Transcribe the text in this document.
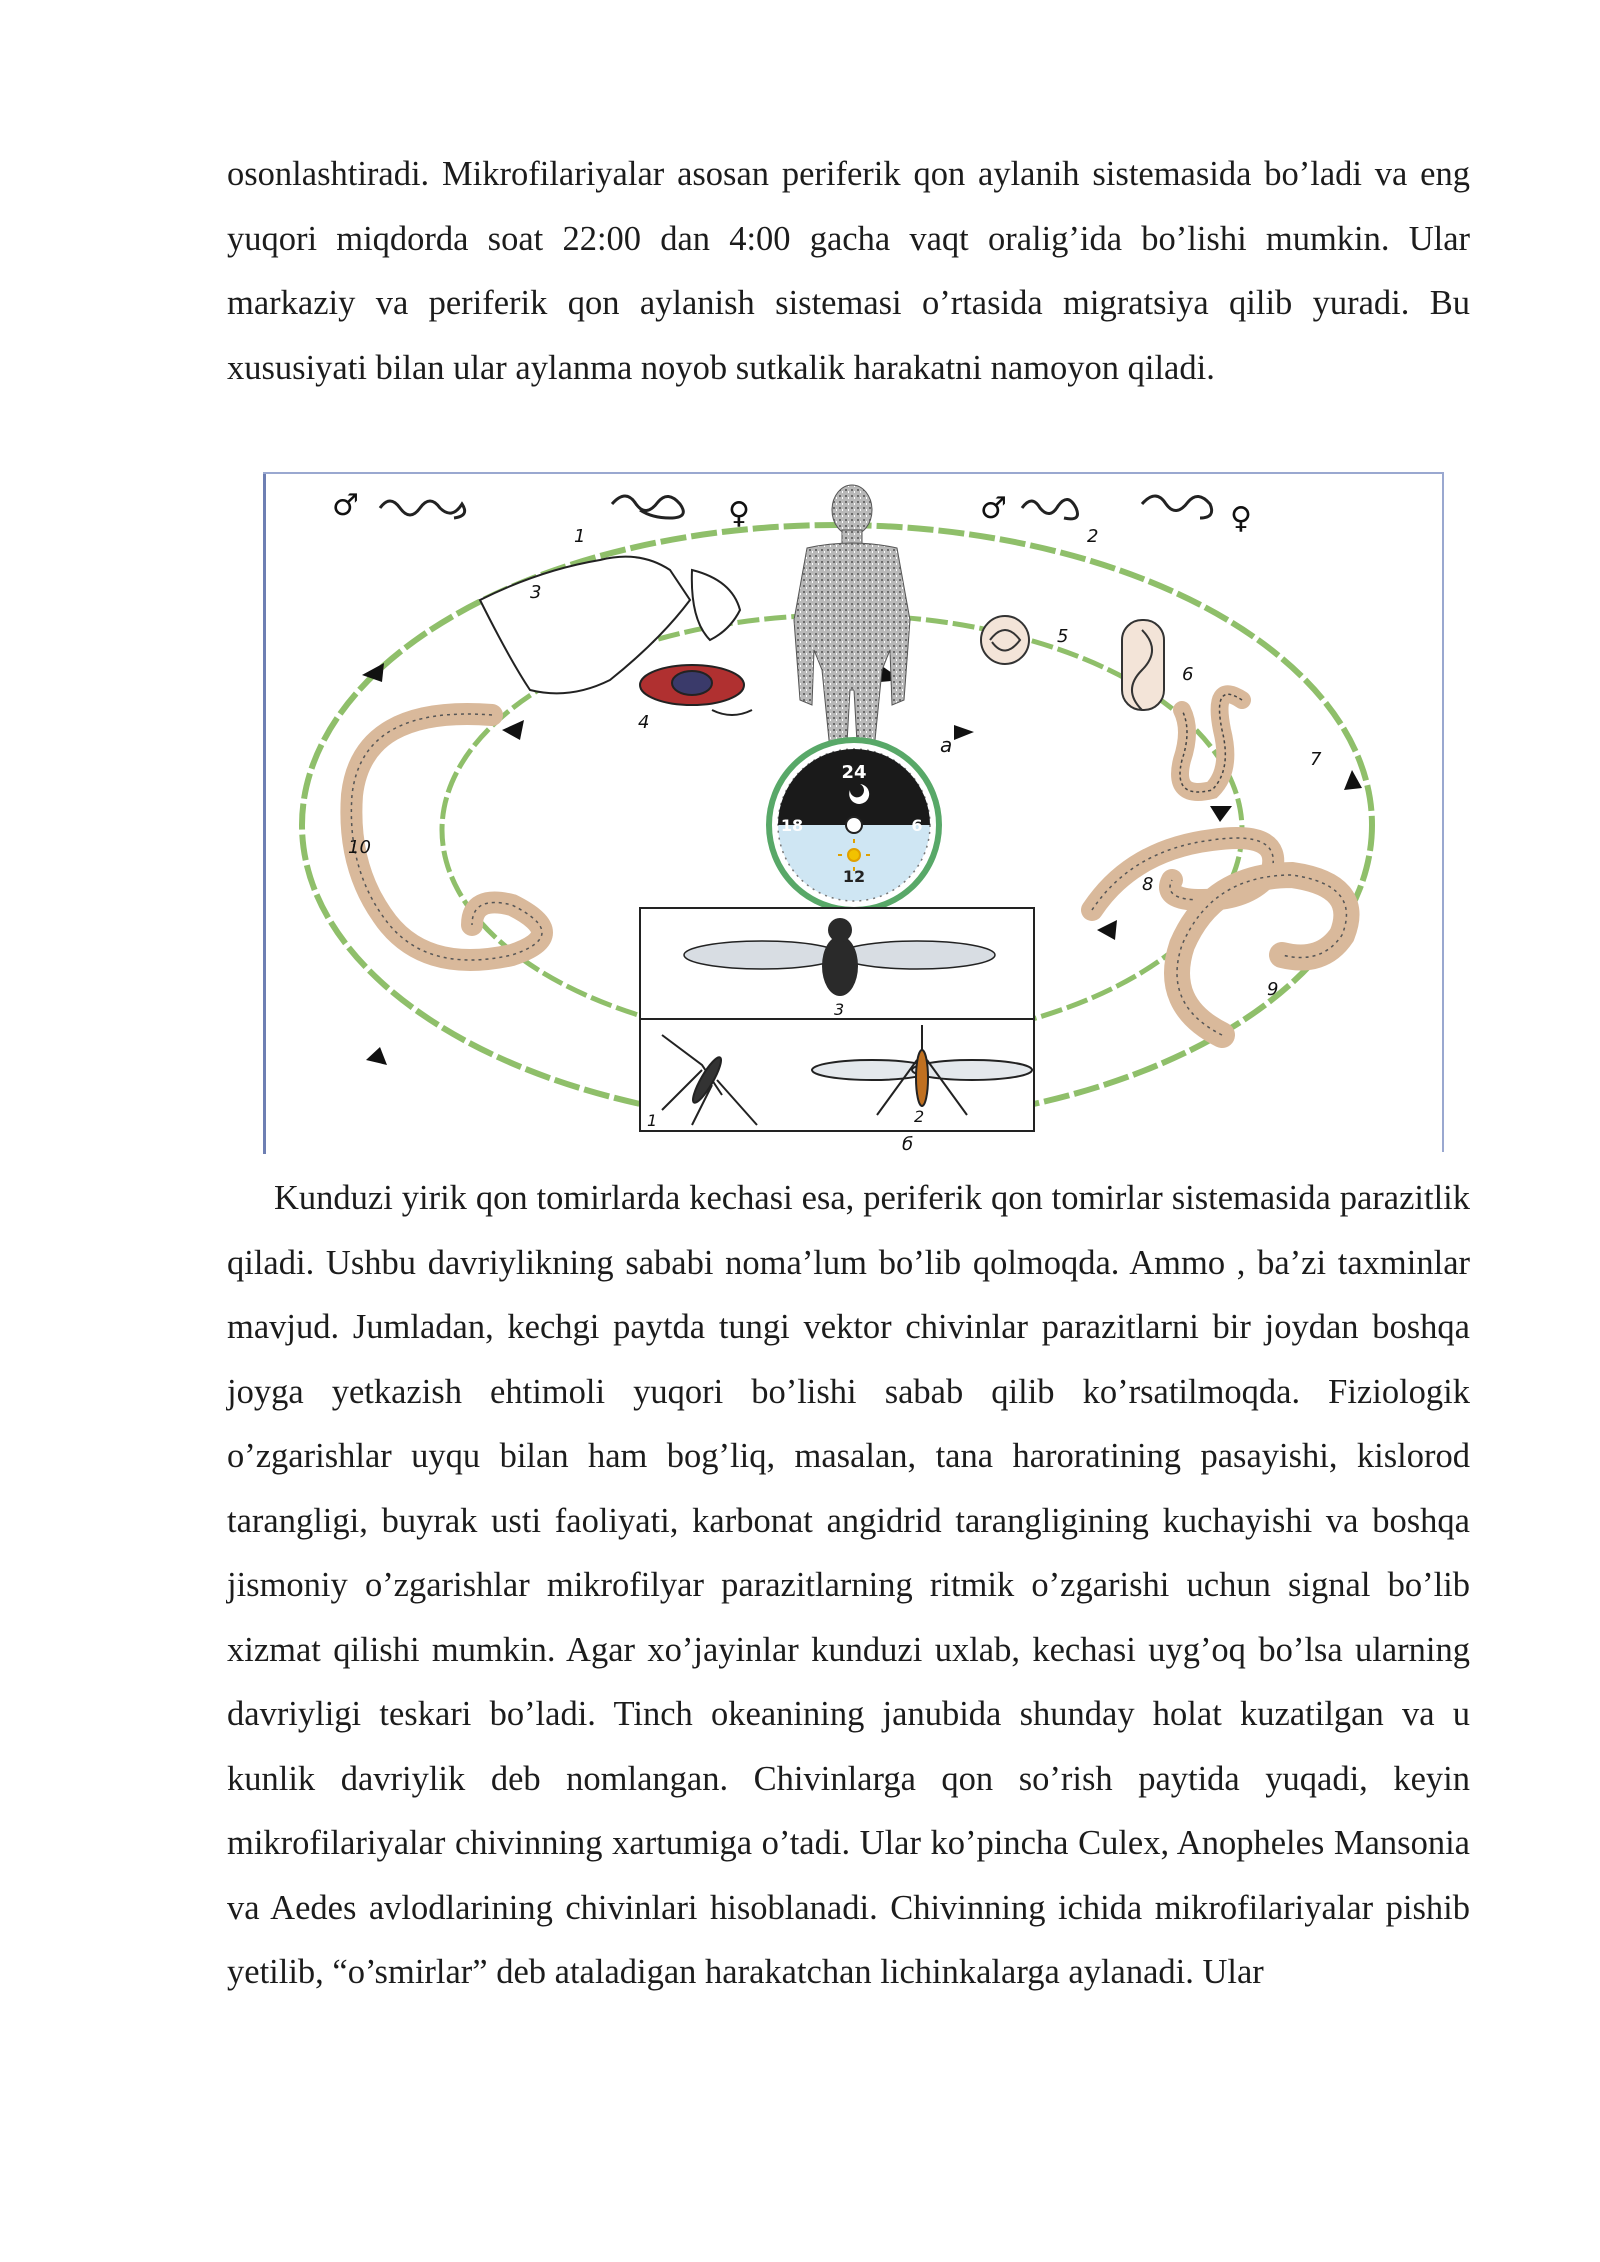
osonlashtiradi. Mikrofilariyalar asosan periferik qon aylanih sistemasida bo’ladi va eng yuqori miqdorda soat 22:00 dan 4:00 gacha vaqt oralig’ida bo’lishi mumkin. Ular markaziy va periferik qon aylanish sistemasi o’rtasida migratsiya qilib yuradi. Bu xususiyati bilan ular aylanma noyob sutkalik harakatni namoyon qiladi.

24
18	6
12
♂	♀
1
♂	♀
2
3
4
5
6
7
8
9
10
a
3
1	2
б

Kunduzi yirik qon tomirlarda kechasi esa, periferik qon tomirlar sistemasida parazitlik qiladi. Ushbu davriylikning sababi noma’lum bo’lib qolmoqda. Ammo , ba’zi taxminlar mavjud. Jumladan, kechgi paytda tungi vektor chivinlar parazitlarni bir joydan boshqa joyga yetkazish ehtimoli yuqori bo’lishi sabab qilib ko’rsatilmoqda. Fiziologik o’zgarishlar uyqu bilan ham bog’liq, masalan, tana haroratining pasayishi, kislorod tarangligi, buyrak usti faoliyati, karbonat angidrid tarangligining kuchayishi va boshqa jismoniy o’zgarishlar mikrofilyar parazitlarning ritmik o’zgarishi uchun signal bo’lib xizmat qilishi mumkin. Agar xo’jayinlar kunduzi uxlab, kechasi uyg’oq bo’lsa ularning davriyligi teskari bo’ladi. Tinch okeanining janubida shunday holat kuzatilgan va u kunlik davriylik deb nomlangan. Chivinlarga qon so’rish paytida yuqadi, keyin mikrofilariyalar chivinning xartumiga o’tadi. Ular ko’pincha Culex, Anopheles Mansonia va Aedes avlodlarining chivinlari hisoblanadi. Chivinning ichida mikrofilariyalar pishib yetilib, “o’smirlar” deb ataladigan harakatchan lichinkalarga aylanadi. Ular
